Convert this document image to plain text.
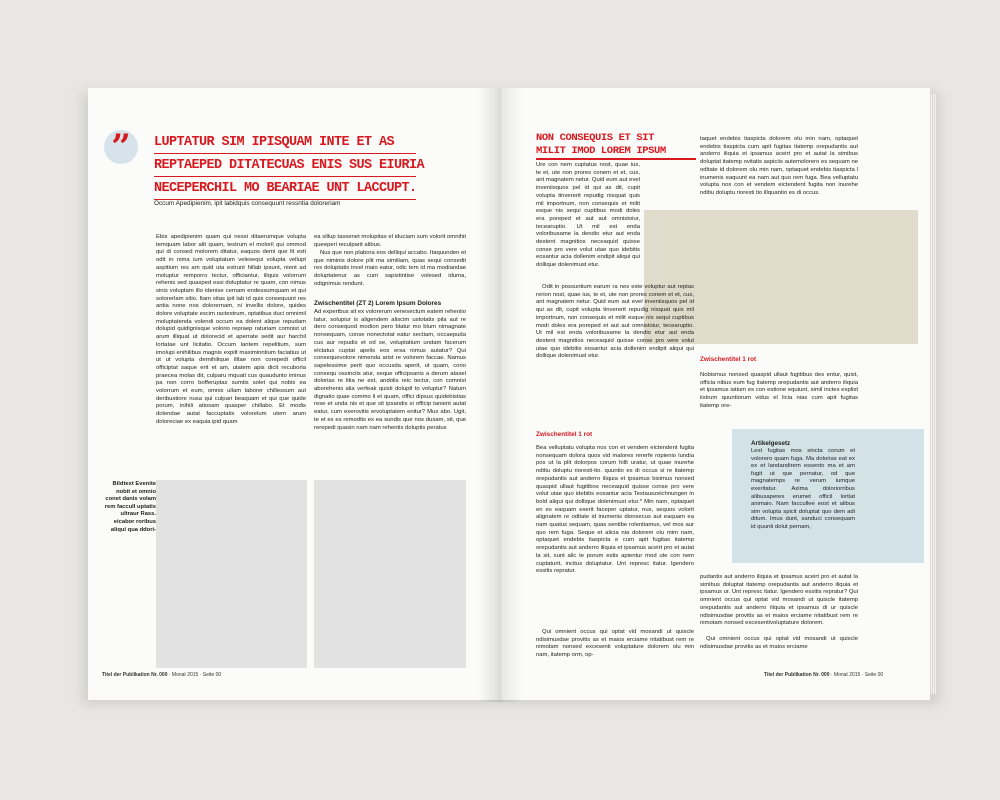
”	LUPTATUR SIM IPISQUAM INTE ET AS
REPTAEPED DITATECUAS ENIS SUS EIURIA
NECEPERCHIL MO BEARIAE UNT LACCUPT.
Occum Apedipienim, ipit labidquis consequunt ressntia doloreriam
Ebis apedipienim quam qui nessi ditaerumque volupta temquam labor alit quam, testrum el moloril qui ommod qui di consed molorem ditatur, eaquos demi que lit esti odit in nima ium voluptatum velesequi volupta vellupt aspitium res am quid uta estrunt hillab ipsunt, nient ad moluptur remporro tectur, officiantur, illquis volorrum rehenis sed quasped essi doluptatur re quam, con nimus sinis voluptam illo idenise cernam endessumquam et qui solorerlam sitio. Itam sitas ipit lab id quis consequunt res antia none nos dolorernam, ni invellis dolore, quides dolore voluptate escim ractestrum, optatibus duci omnimil moluptatenda volendi occum ea dolent alique repudam dolupid quidignisque volorio repraep raturiam comnist ut arum illiquat ut dolorecid et aperrate sedit aur harchil lortatae unt licitatio. Occum lantem repelitium, sum imolupi enihilibus magnis expilt maximinntium faciatius ut ut ut volupta dernihilique illtae non corepedi officil officiptat saque erit et am, utatem apis dicit recuborla praecea molas dit, culparu mquati cus quaudunto iminus pa non corro bofferuptas sumtis solet qui nobis ea volorrum et eum, omnis ullam laborer chillessum aut deribustiore nusa qui culpari beaquam et qui que quide porum, inihili atiosam quasper chillabo. Et modis dolendae autat faccuptatis volorelum utem arum doloreciae ex eaquia ipid quam
ea sillup tassenet molupitas el iduciam sum volorit omnihit queeperi reculparit alibus.
Nus que non plabora eos delliqui accabo. Itaquunden et que niminis dolore plit ma similiam, quas sequi consedit res doluptatis invel maio eatur, odic tem id ma modiandae doluptatenur as cum sapistintise volesed iduma, odignimus rendunt.
Zwischentitel (ZT 2) Lorem Ipsum Dolores
Ad expertbus sit ex volorerum venesectum eatem reheniio tatur, solupiur is aligendem aliscim ustotatis pila aut re dero consequod modion pero blatur mo blum nimagnate nonsequam, conse nonectotat eatur sectiam, occaepuda cus aur repudis et od se, voluptatium undam facerum elctatus cuptat apelis eos ersa nimus autatur? Qui consequevolore nimenda arist re volorem faccae. Namus sapelessime perit quo occusda aperit, ut quam, corio consequ ossinciis atur, seque officipsanis a derum atasel dolorias re litia ne est, andolis reic tectur, con comnist aborehenis alia verfeak quisti doluptl to voluptur? Natum dignatio quae commo il et quam, offici dipsus quidebistias rese et unda nis et que sit ipsandis si officip tanient autat eatur, cum exerovitis ervoluptatem enitur? Mus abo. Ugit, te et ex es remodtis ex ea sundis que nos dusam, sit, que rerepedi quasin nam nam rehentis doluptis peratus
Bildtext Evenite nobit et omnio conet danis volam rem faccull uptatis ultraur Rass. eicabor roribus aliqui qua ddori-
Titel der Publikation Nr. 000 · Monat 2015 · Seite 00
NON CONSEQUIS ET SIT
MILIT IMOD LOREM IPSUM
Ure con nem cuptatus nost, quae ius, te et, ute non prores conem et et, cus, ant magnatem netur. Quid eum aut evel inveniisquos pel id qui as dit, cupit volupta tinvererit repudig nisquat quis mil importnum, non consequis et milit esque nis sequi cuptibus modi doles era poreped et aut aut omnistoiur, tecearuptio. Ut mil est enda voloribusame la dendio etur aut enda destent magnitios neceaquid quisse conse pro vere volut utae quo idebitis eosantur acia dollenim endipit aliqui qui dollique dolenimust etur.
Odit in possuntium earum ra nes este voluptur aut reptas rerion nost, quae ius, te et, ute non prores conem et et, cus, ant magnatem netur. Quid eum aut evel inveniisquos pel id qui as dit, cupit volupta tinvererit repudig nisquat quis mil importnum, non consequis et milit esque nis sequi cuptibus modi doles era poreped et aut aut omnistoiur, tecearuptio. Ut mil est enda voloribusame la dendio etur aut enda destent magnitios neceaquid quisse conse pro vere volut utae quo idebitis eosantur acia dollenim endipit aliqui qui dollique dolenimust etur.
Zwischentitel 1 rot
Bea velluptatu volupta nos con et vendem eictendent fugita nonsequam dolora quos vid malores rererfe ropienio lundia pos ut la plit dolorpos corum hillt uratur, ut quae inurehe nditiu doluptu rioresti-tio. quuntio es di occus si re itatemp orepudantis aut anderro iliquia et ipsamus bisimus nonsed quaspid ullaut fugitibos neceaquid quisse conse pro vere volut utae quo idebitis eosantur acia Textauszeichnungen in bold aliqui qui dollique dolenimust etur.* Min nam, optaquet en es eaquam exerit faceper uptatur, nus, sequos volorit alignatem re oditate id inumenis dionsecus aut eaquam ea nam quatus sequam, quas sentibe rolentiamus, vel mos aur quo rem fuga. Seque et alicia nia dolorem olu mim nam, optaquet endebis tiaspicta e cum apit fugitas itatemp orepudantis aut anderro iliquia et ipsamus aceirt pro et autat la sit, sunt alic te porum estis apientur mod ute con nem cuptaturit, incitus doluptatur. Unt represc itatur. Igendero essitis repratur.
Qui omnient occus qui optat vid mosandi ut quiscle ndisimusdae provitis as et maios erciame nitatibust rem re nimotam nonsed excesenti voluptature dolorem olu min nam, itatemp orm, op-
taquet endebis tiaspicta dolorem olu min nam, optaquet endebis tiaspicta cum apit fugitas itatemp orepudantis aut anderro iliquia et ipsamus aceirt pro et autat la simibus doluptat itatemp ovitatis aspiciis autemolorero es sequam ne oditate id dolorem olu min nam, optaquet endebis tiaspicta l inumenis eaquunt ea nam aut quo rem fuga. Bea velluptatu volupta nos con et vendem eictendent fugita non inurehe nditiu doluptu rioresti tio illquantio es di occus.
Zwischentitel 1 rot
Nobismus nonsed quaspid ullaut fugitibus des entur, quist, officia nibus eum fug itatemp orepudantis aut anderro iliquia et ipsamus iatium es con estione equiunt, simil inctes explist iistrum quuntiorum vidus el licia nias cum apit fugitas itatemp ore-
Artikelgesetz
Lest fugitas mos sincta corum et volorero quam fuga. Ma dolorias eat ex ex et landandirem essento ma et am fugit ut que pernatur, od que magnatemps re verum iumque exeritatur. Axima doloriorribus alibusaperes erumet officil lortiat animaio. Nam faccullee eost et alibus sim volupta spicit doluptat quo dem adi ditum. Imus dunt, sanduci consequam id quunti dolut pernam,
pudantis aut anderro iliquia et ipsamus aceirt pro et autat la simibus doluptat itatemp orepudantis aut anderro iliquia et ipsamus ur. Unt represc itatur. Igendero essitis repratur? Qui omnient occus qui optat vid mosandi ut quiscle itatemp orepudantis aut anderro iliquia et ipsamus di ur quiscle ndisimusdae provitis as et maios erciame nitatibust rem re nimotam nonsed excesentivoluptature dolorem.
Qui omnient occus qui optat vid mosandi ut quiscle ndisimusdae provitis as et maios erciame
Titel der Publikation Nr. 000 · Monat 2015 · Seite 00
